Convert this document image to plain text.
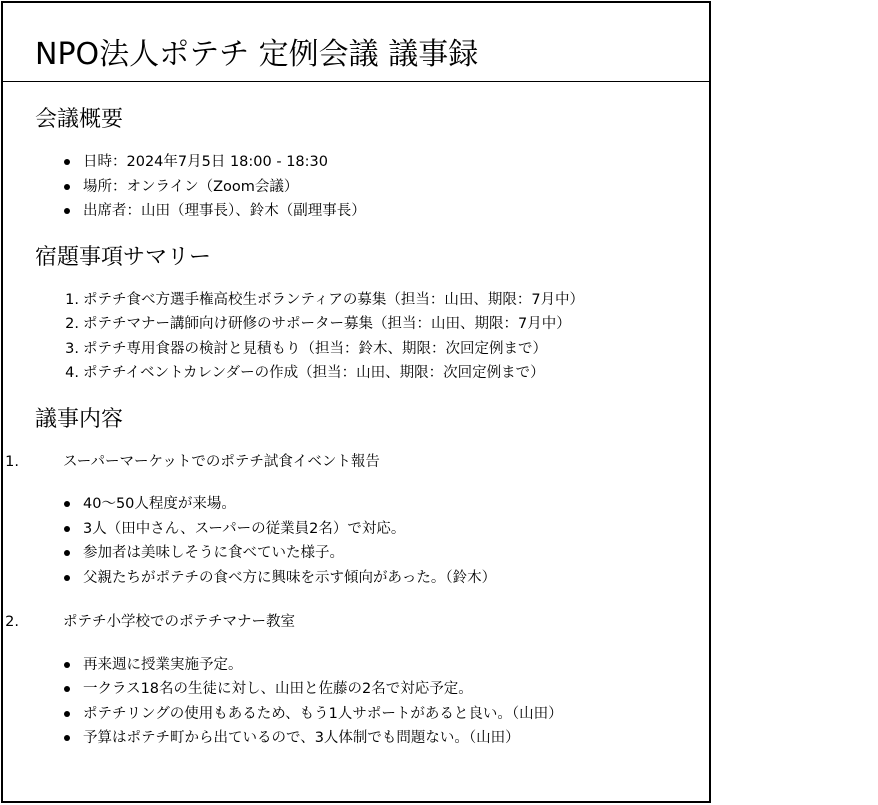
NPO法人ポテチ 定例会議 議事録
会議概要
日時：2024年7月5日 18:00 - 18:30
場所：オンライン（Zoom会議）
出席者：山田（理事長）、鈴木（副理事長）
宿題事項サマリー
1. ポテチ食べ方選手権高校生ボランティアの募集（担当：山田、期限：7月中）
2. ポテチマナー講師向け研修のサポーター募集（担当：山田、期限：7月中）
3. ポテチ専用食器の検討と見積もり（担当：鈴木、期限：次回定例まで）
4. ポテチイベントカレンダーの作成（担当：山田、期限：次回定例まで）
議事内容
1.	スーパーマーケットでのポテチ試食イベント報告
40〜50人程度が来場。
3人（田中さん、スーパーの従業員2名）で対応。
参加者は美味しそうに食べていた様子。
父親たちがポテチの食べ方に興味を示す傾向があった。（鈴木）
2.	ポテチ小学校でのポテチマナー教室
再来週に授業実施予定。
一クラス18名の生徒に対し、山田と佐藤の2名で対応予定。
ポテチリングの使用もあるため、もう1人サポートがあると良い。（山田）
予算はポテチ町から出ているので、3人体制でも問題ない。（山田）
